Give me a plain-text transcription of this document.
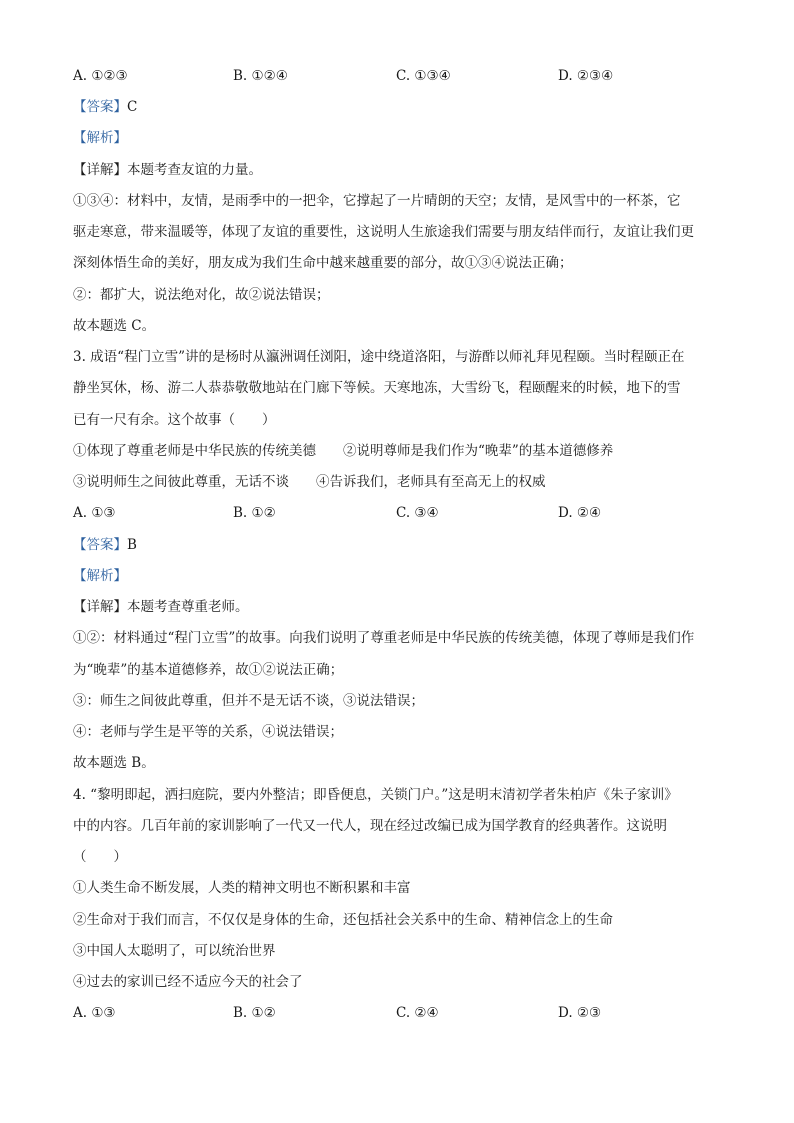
A. ①②③	B. ①②④	C. ①③④	D. ②③④
【答案】C
【解析】
【详解】本题考查友谊的力量。
①③④：材料中，友情，是雨季中的一把伞，它撑起了一片晴朗的天空；友情，是风雪中的一杯茶，它
驱走寒意，带来温暖等，体现了友谊的重要性，这说明人生旅途我们需要与朋友结伴而行，友谊让我们更
深刻体悟生命的美好，朋友成为我们生命中越来越重要的部分，故①③④说法正确；
②：都扩大，说法绝对化，故②说法错误；
故本题选 C。
3. 成语“程门立雪”讲的是杨时从瀛洲调任浏阳，途中绕道洛阳，与游酢以师礼拜见程颐。当时程颐正在
静坐冥休，杨、游二人恭恭敬敬地站在门廊下等候。天寒地冻，大雪纷飞，程颐醒来的时候，地下的雪
已有一尺有余。这个故事（　　）
①体现了尊重老师是中华民族的传统美德　　②说明尊师是我们作为“晚辈”的基本道德修养
③说明师生之间彼此尊重，无话不谈　　④告诉我们，老师具有至高无上的权威
A. ①③	B. ①②	C. ③④	D. ②④
【答案】B
【解析】
【详解】本题考查尊重老师。
①②：材料通过“程门立雪”的故事。向我们说明了尊重老师是中华民族的传统美德，体现了尊师是我们作
为“晚辈”的基本道德修养，故①②说法正确；
③：师生之间彼此尊重，但并不是无话不谈，③说法错误；
④：老师与学生是平等的关系，④说法错误；
故本题选 B。
4. “黎明即起，洒扫庭院，要内外整洁；即昏便息，关锁门户。”这是明末清初学者朱柏庐《朱子家训》
中的内容。几百年前的家训影响了一代又一代人，现在经过改编已成为国学教育的经典著作。这说明
（　　）
①人类生命不断发展，人类的精神文明也不断积累和丰富
②生命对于我们而言，不仅仅是身体的生命，还包括社会关系中的生命、精神信念上的生命
③中国人太聪明了，可以统治世界
④过去的家训已经不适应今天的社会了
A. ①③	B. ①②	C. ②④	D. ②③
